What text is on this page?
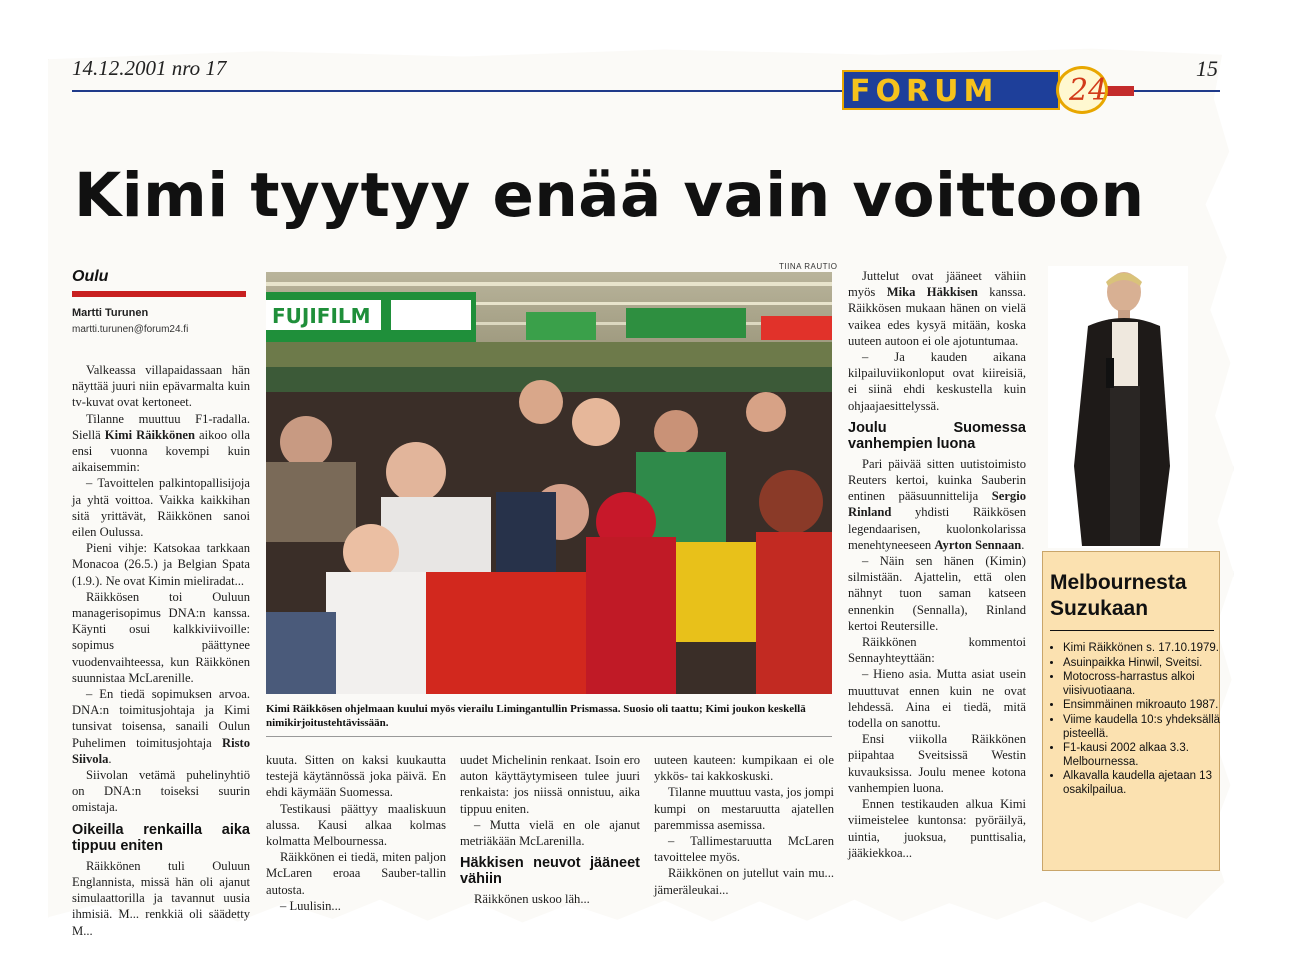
14.12.2001 nro 17	15
FORUM 24
Kimi tyytyy enää vain voittoon
Oulu
Martti Turunen
martti.turunen@forum24.fi

Valkeassa villapaidassaan hän näyttää juuri niin epävarmalta kuin tv-kuvat ovat kertoneet.

Tilanne muuttuu F1-radalla. Siellä Kimi Räikkönen aikoo olla ensi vuonna kovempi kuin aikaisemmin:

– Tavoittelen palkintopallisijoja ja yhtä voittoa. Vaikka kaikkihan sitä yrittävät, Räikkönen sanoi eilen Oulussa.

Pieni vihje: Katsokaa tarkkaan Monacoa (26.5.) ja Belgian Spata (1.9.). Ne ovat Kimin mieliradat...

Räikkösen toi Ouluun managerisopimus DNA:n kanssa. Käynti osui kalkkiviivoille: sopimus päättynee vuodenvaihteessa, kun Räikkönen suunnistaa McLarenille.

– En tiedä sopimuksen arvoa. DNA:n toimitusjohtaja ja Kimi tunsivat toisensa, sanaili Oulun Puhelimen toimitusjohtaja Risto Siivola.

Siivolan vetämä puhelinyhtiö on DNA:n toiseksi suurin omistaja.

Oikeilla renkailla aika tippuu eniten

Räikkönen tuli Ouluun Englannista, missä hän oli ajanut simulaattorilla ja tavannut uusia ihmisiä. M... renkkiä oli säädetty M...

TIINA RAUTIO
FUJIFILM
Kimi Räikkösen ohjelmaan kuului myös vierailu Limingantullin Prismassa. Suosio oli taattu; Kimi joukon keskellä nimikirjoitustehtävissään.

kuuta. Sitten on kaksi kuukautta testejä käytännössä joka päivä. En ehdi käymään Suomessa.

Testikausi päättyy maaliskuun alussa. Kausi alkaa kolmas kolmatta Melbournessa.

Räikkönen ei tiedä, miten paljon McLaren eroaa Sauber-tallin autosta.

– Luulisin...

uudet Michelinin renkaat. Isoin ero auton käyttäytymiseen tulee juuri renkaista: jos niissä onnistuu, aika tippuu eniten.

– Mutta vielä en ole ajanut metriäkään McLarenilla.

Häkkisen neuvot jääneet vähiin

Räikkönen uskoo läh...

uuteen kauteen: kumpikaan ei ole ykkös- tai kakkoskuski.

Tilanne muuttuu vasta, jos jompi kumpi on mestaruutta ajatellen paremmissa asemissa.

– Tallimestaruutta McLaren tavoittelee myös.

Räikkönen on jutellut vain mu... jämeräleukai...

Juttelut ovat jääneet vähiin myös Mika Häkkisen kanssa. Räikkösen mukaan hänen on vielä vaikea edes kysyä mitään, koska uuteen autoon ei ole ajotuntumaa.

– Ja kauden aikana kilpailuviikonloput ovat kiireisiä, ei siinä ehdi keskustella kuin ohjaajaesittelyssä.

Joulu Suomessa vanhempien luona

Pari päivää sitten uutistoimisto Reuters kertoi, kuinka Sauberin entinen pääsuunnittelija Sergio Rinland yhdisti Räikkösen legendaarisen, kuolonkolarissa menehtyneeseen Ayrton Sennaan.

– Näin sen hänen (Kimin) silmistään. Ajattelin, että olen nähnyt tuon saman katseen ennenkin (Sennalla), Rinland kertoi Reutersille.

Räikkönen kommentoi Sennayhteyttään:

– Hieno asia. Mutta asiat usein muuttuvat ennen kuin ne ovat lehdessä. Aina ei tiedä, mitä todella on sanottu.

Ensi viikolla Räikkönen piipahtaa Sveitsissä Westin kuvauksissa. Joulu menee kotona vanhempien luona.

Ennen testikauden alkua Kimi viimeistelee kuntonsa: pyöräilyä, uintia, juoksua, punttisalia, jääkiekkoa...

Melbournesta Suzukaan
• Kimi Räikkönen s. 17.10.1979.
• Asuinpaikka Hinwil, Sveitsi.
• Motocross-harrastus alkoi viisivuotiaana.
• Ensimmäinen mikroauto 1987.
• Viime kaudella 10:s yhdeksällä pisteellä.
• F1-kausi 2002 alkaa 3.3. Melbournessa.
• Alkavalla kaudella ajetaan 13 osakilpailua.
